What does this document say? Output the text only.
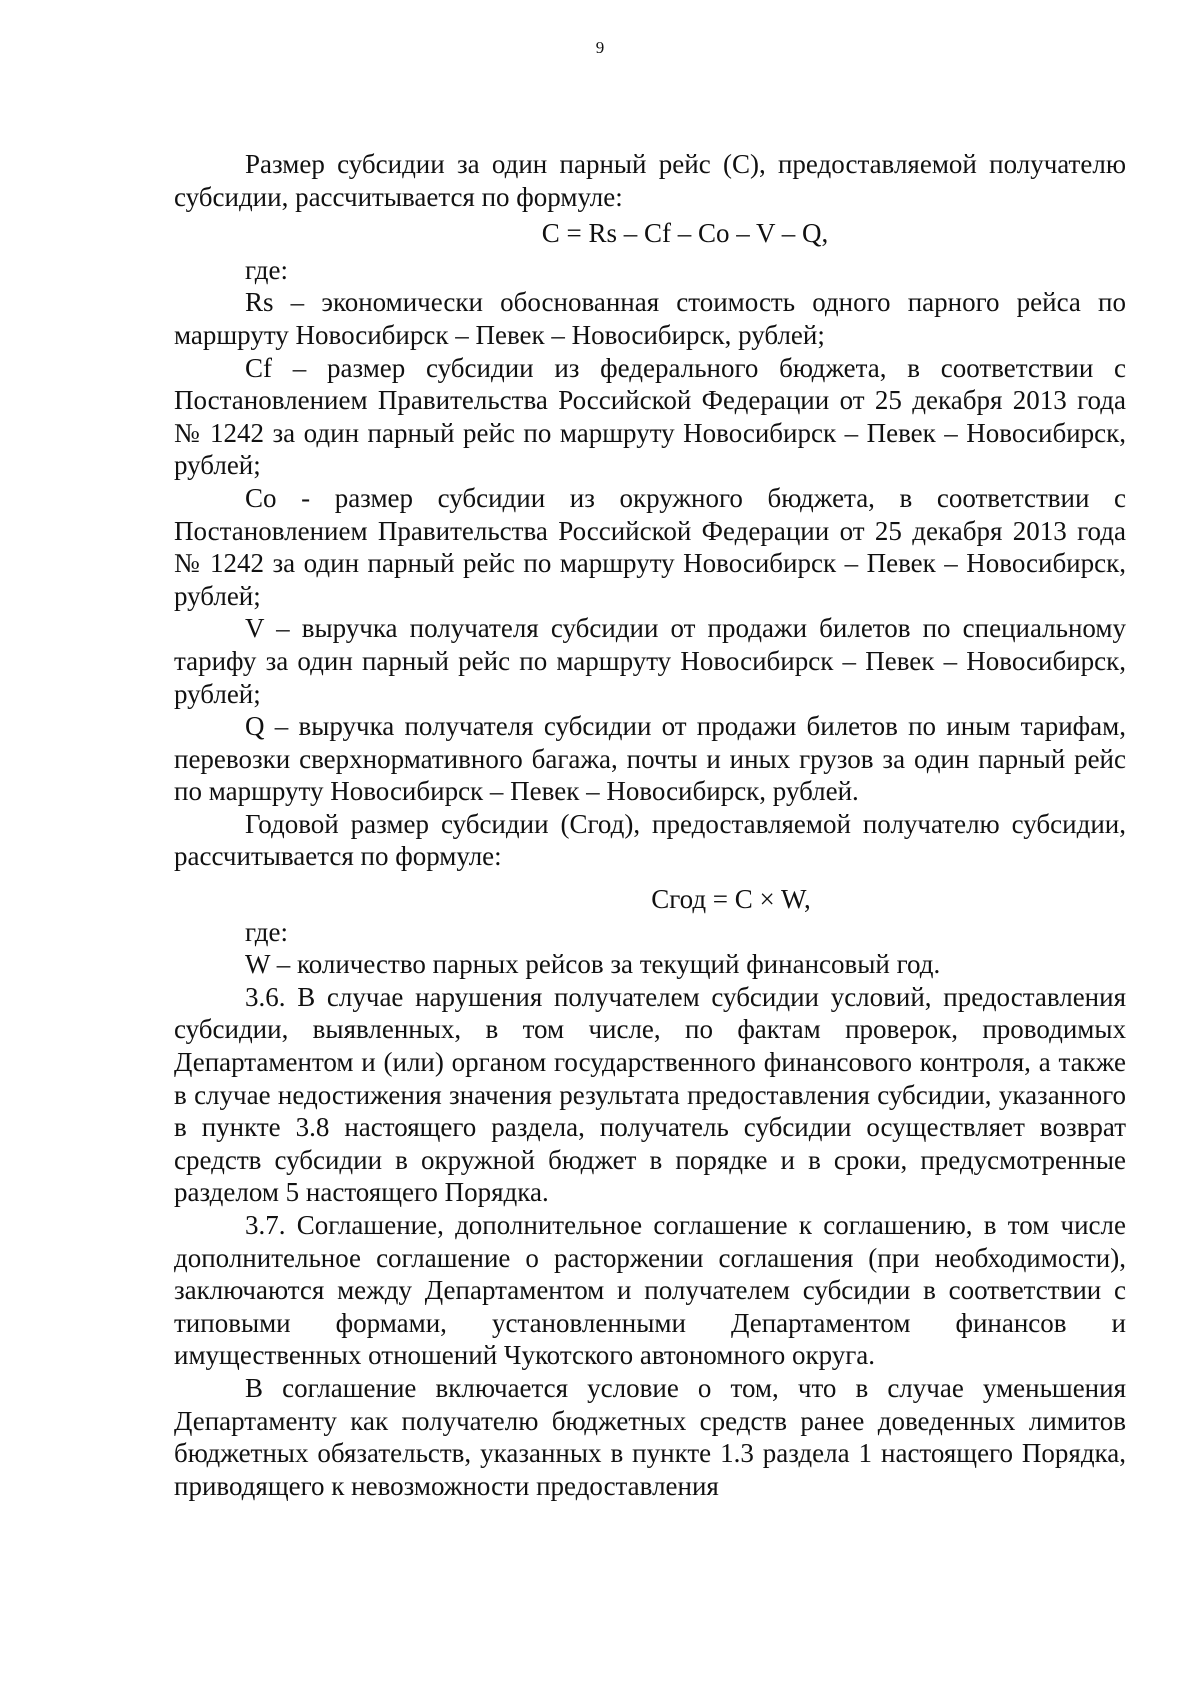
9

Размер субсидии за один парный рейс (C), предоставляемой получателю субсидии, рассчитывается по формуле:

C = Rs – Cf – Co – V – Q,

где:

Rs – экономически обоснованная стоимость одного парного рейса по маршруту Новосибирск – Певек – Новосибирск, рублей;

Cf – размер субсидии из федерального бюджета, в соответствии с Постановлением Правительства Российской Федерации от 25 декабря 2013 года № 1242 за один парный рейс по маршруту Новосибирск – Певек – Новосибирск, рублей;

Co - размер субсидии из окружного бюджета, в соответствии с Постановлением Правительства Российской Федерации от 25 декабря 2013 года № 1242 за один парный рейс по маршруту Новосибирск – Певек – Новосибирск, рублей;

V – выручка получателя субсидии от продажи билетов по специальному тарифу за один парный рейс по маршруту Новосибирск – Певек – Новосибирск, рублей;

Q – выручка получателя субсидии от продажи билетов по иным тарифам, перевозки сверхнормативного багажа, почты и иных грузов за один парный рейс по маршруту Новосибирск – Певек – Новосибирск, рублей.

Годовой размер субсидии (Cгод), предоставляемой получателю субсидии, рассчитывается по формуле:

Cгод = C × W,

где:

W – количество парных рейсов за текущий финансовый год.

3.6. В случае нарушения получателем субсидии условий, предоставления субсидии, выявленных, в том числе, по фактам проверок, проводимых Департаментом и (или) органом государственного финансового контроля, а также в случае недостижения значения результата предоставления субсидии, указанного в пункте 3.8 настоящего раздела, получатель субсидии осуществляет возврат средств субсидии в окружной бюджет в порядке и в сроки, предусмотренные разделом 5 настоящего Порядка.

3.7. Соглашение, дополнительное соглашение к соглашению, в том числе дополнительное соглашение о расторжении соглашения (при необходимости), заключаются между Департаментом и получателем субсидии в соответствии с типовыми формами, установленными Департаментом финансов и имущественных отношений Чукотского автономного округа.

В соглашение включается условие о том, что в случае уменьшения Департаменту как получателю бюджетных средств ранее доведенных лимитов бюджетных обязательств, указанных в пункте 1.3 раздела 1 настоящего Порядка, приводящего к невозможности предоставления
